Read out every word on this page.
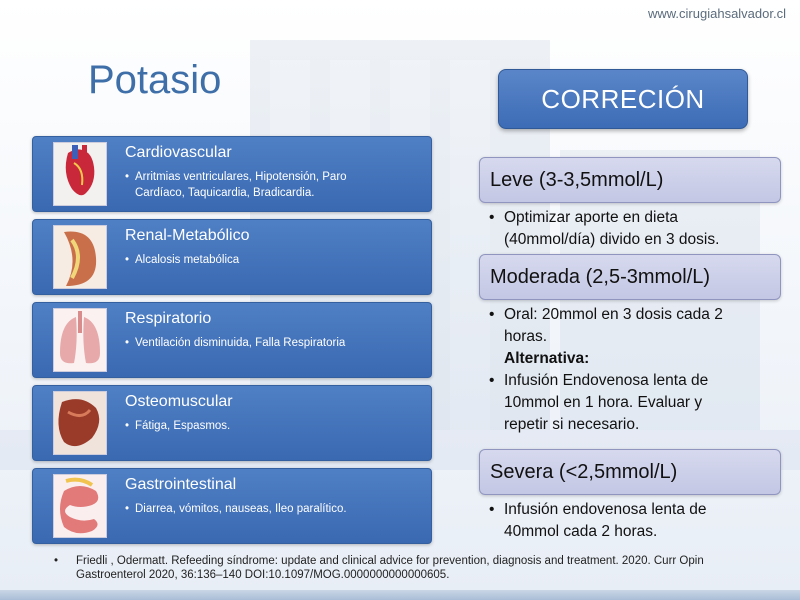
www.cirugiahsalvador.cl
Potasio	CORRECIÓN
Cardiovascular
• Arritmias ventriculares, Hipotensión, Paro
Cardíaco, Taquicardia, Bradicardia.
Renal-Metabólico
• Alcalosis metabólica
Respiratorio
• Ventilación disminuida, Falla Respiratoria
Osteomuscular
• Fátiga, Espasmos.
Gastrointestinal
• Diarrea, vómitos, nauseas, Ileo paralítico.
Leve (3-3,5mmol/L)
• Optimizar aporte en dieta
(40mmol/día) divido en 3 dosis.
Moderada (2,5-3mmol/L)
• Oral: 20mmol en 3 dosis cada 2
horas.
Alternativa:
• Infusión Endovenosa lenta de
10mmol en 1 hora. Evaluar y
repetir si necesario.
Severa (<2,5mmol/L)
• Infusión endovenosa lenta de
40mmol cada 2 horas.
•	Friedli , Odermatt. Refeeding síndrome: update and clinical advice for prevention, diagnosis and treatment. 2020. Curr Opin
Gastroenterol 2020, 36:136–140 DOI:10.1097/MOG.0000000000000605.
